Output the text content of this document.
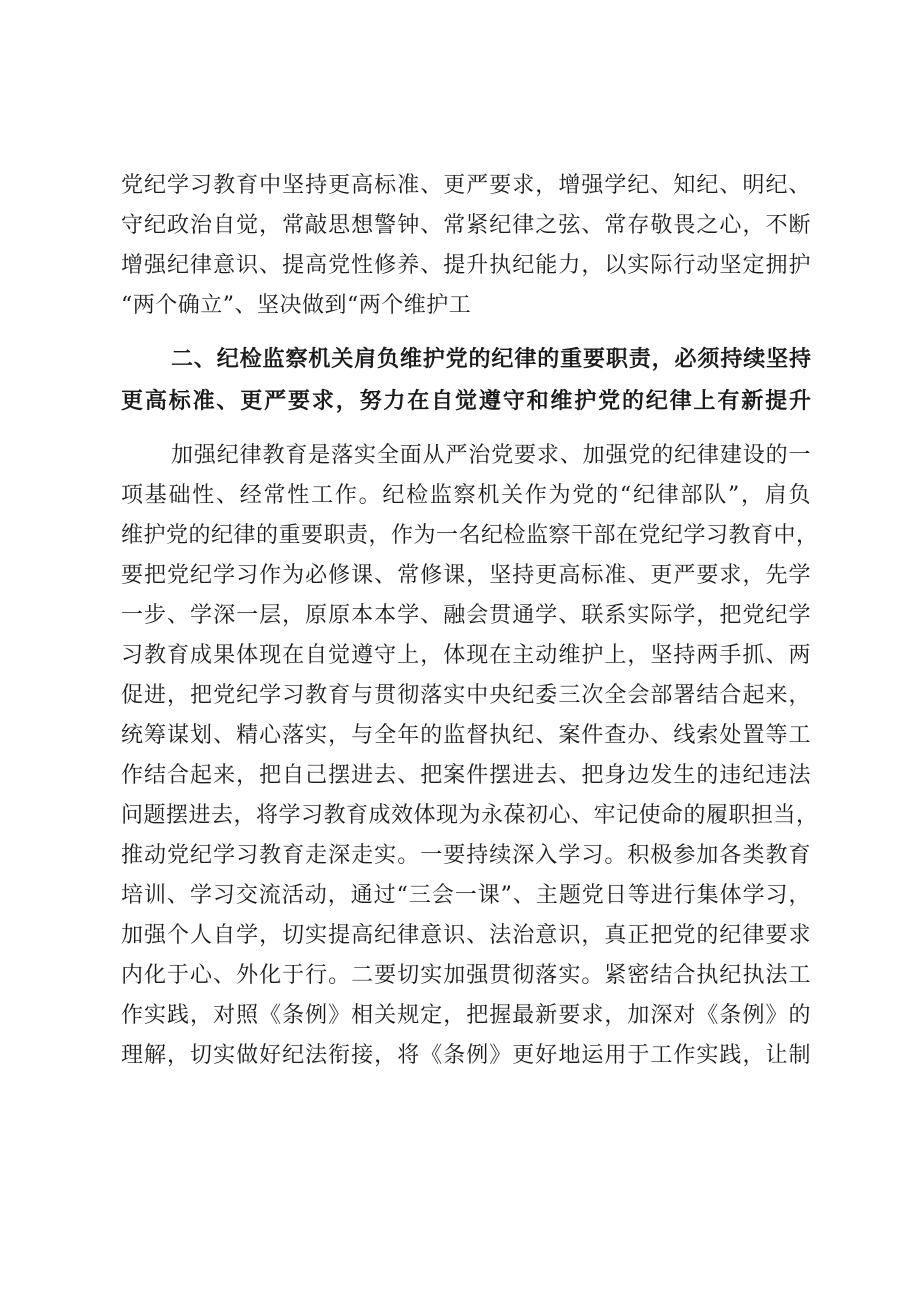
党纪学习教育中坚持更高标准、更严要求，增强学纪、知纪、明纪、
守纪政治自觉，常敲思想警钟、常紧纪律之弦、常存敬畏之心，不断
增强纪律意识、提高党性修养、提升执纪能力，以实际行动坚定拥护
“两个确立”、坚决做到“两个维护工
二、纪检监察机关肩负维护党的纪律的重要职责，必须持续坚持
更高标准、更严要求，努力在自觉遵守和维护党的纪律上有新提升
加强纪律教育是落实全面从严治党要求、加强党的纪律建设的一
项基础性、经常性工作。纪检监察机关作为党的“纪律部队”，肩负
维护党的纪律的重要职责，作为一名纪检监察干部在党纪学习教育中，
要把党纪学习作为必修课、常修课，坚持更高标准、更严要求，先学
一步、学深一层，原原本本学、融会贯通学、联系实际学，把党纪学
习教育成果体现在自觉遵守上，体现在主动维护上，坚持两手抓、两
促进，把党纪学习教育与贯彻落实中央纪委三次全会部署结合起来，
统筹谋划、精心落实，与全年的监督执纪、案件查办、线索处置等工
作结合起来，把自己摆进去、把案件摆进去、把身边发生的违纪违法
问题摆进去，将学习教育成效体现为永葆初心、牢记使命的履职担当，
推动党纪学习教育走深走实。一要持续深入学习。积极参加各类教育
培训、学习交流活动，通过“三会一课”、主题党日等进行集体学习，
加强个人自学，切实提高纪律意识、法治意识，真正把党的纪律要求
内化于心、外化于行。二要切实加强贯彻落实。紧密结合执纪执法工
作实践，对照《条例》相关规定，把握最新要求，加深对《条例》的
理解，切实做好纪法衔接，将《条例》更好地运用于工作实践，让制
